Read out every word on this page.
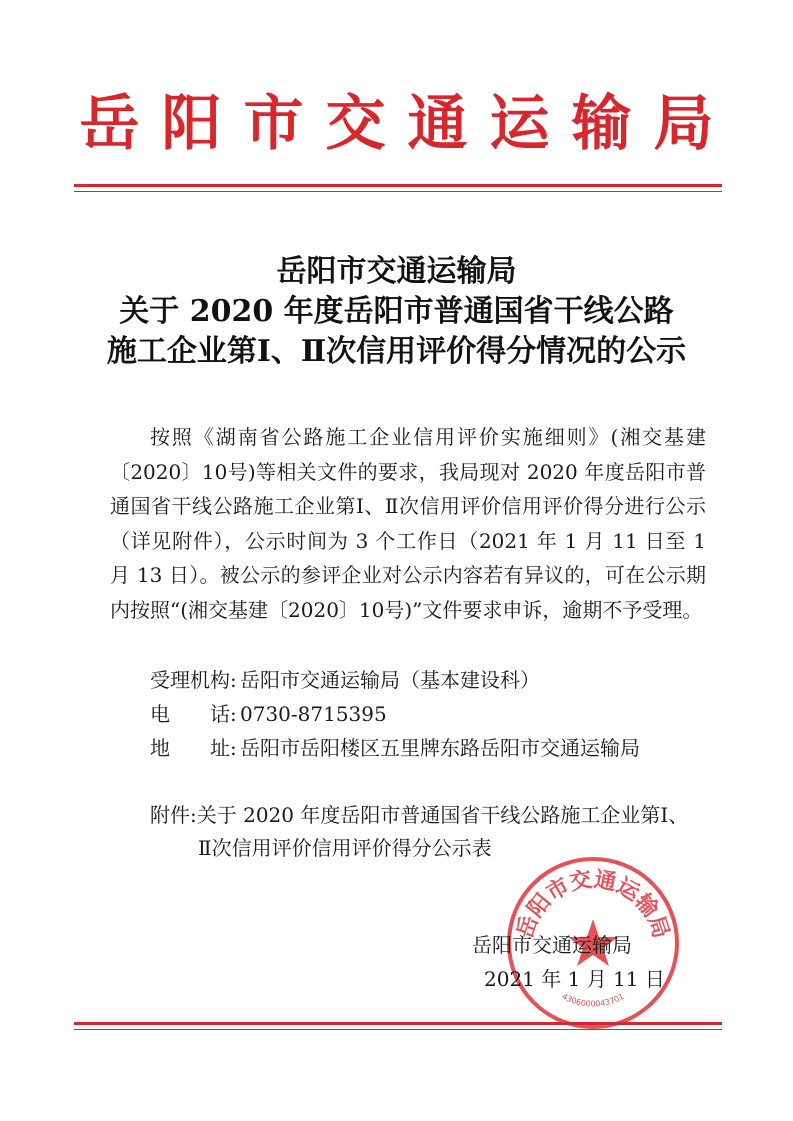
岳阳市交通运输局
岳阳市交通运输局
关于 2020 年度岳阳市普通国省干线公路
施工企业第Ⅰ、Ⅱ次信用评价得分情况的公示

按照《湖南省公路施工企业信用评价实施细则》(湘交基建〔2020〕10号)等相关文件的要求，我局现对 2020 年度岳阳市普通国省干线公路施工企业第Ⅰ、Ⅱ次信用评价信用评价得分进行公示（详见附件），公示时间为 3 个工作日（2021 年 1 月 11 日至 1 月 13 日）。被公示的参评企业对公示内容若有异议的，可在公示期内按照“(湘交基建〔2020〕10号)”文件要求申诉，逾期不予受理。

受理机构: 岳阳市交通运输局（基本建设科）
电　　话: 0730-8715395
地　　址: 岳阳市岳阳楼区五里牌东路岳阳市交通运输局
附件:关于 2020 年度岳阳市普通国省干线公路施工企业第Ⅰ、
Ⅱ次信用评价信用评价得分公示表
岳阳市交通运输局
4306000043701
岳阳市交通运输局
2021 年 1 月 11 日
